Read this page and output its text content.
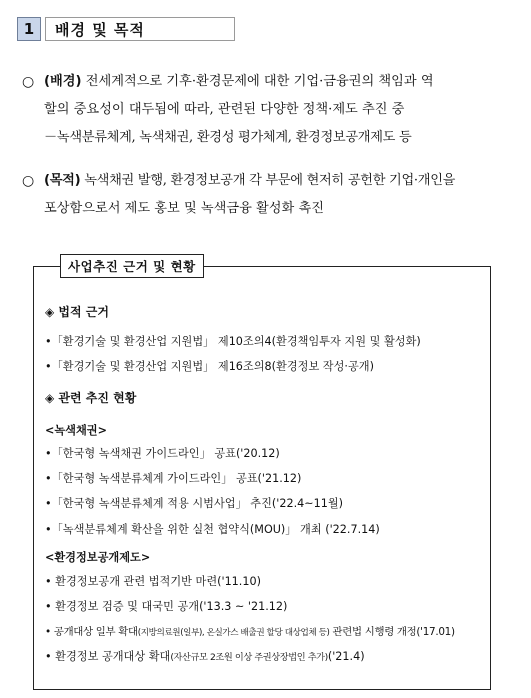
1	배경 및 목적
○ (배경) 전세계적으로 기후·환경문제에 대한 기업·금융권의 책임과 역
할의 중요성이 대두됨에 따라, 관련된 다양한 정책·제도 추진 중
－녹색분류체계, 녹색채권, 환경성 평가체계, 환경정보공개제도 등
○ (목적) 녹색채권 발행, 환경정보공개 각 부문에 현저히 공헌한 기업·개인을
포상함으로서 제도 홍보 및 녹색금융 활성화 촉진
사업추진 근거 및 현황
◈ 법적 근거
•「환경기술 및 환경산업 지원법」 제10조의4(환경책임투자 지원 및 활성화)
•「환경기술 및 환경산업 지원법」 제16조의8(환경정보 작성·공개)
◈ 관련 추진 현황
<녹색채권>
•「한국형 녹색채권 가이드라인」 공표('20.12)
•「한국형 녹색분류체계 가이드라인」 공표('21.12)
•「한국형 녹색분류체계 적용 시범사업」 추진('22.4~11월)
•「녹색분류체계 확산을 위한 실천 협약식(MOU)」 개최 ('22.7.14)
<환경정보공개제도>
• 환경정보공개 관련 법적기반 마련('11.10)
• 환경정보 검증 및 대국민 공개('13.3 ~ '21.12)
• 공개대상 일부 확대(지방의료원(일부), 온실가스 배출권 할당 대상업체 등) 관련법 시행령 개정('17.01)
• 환경정보 공개대상 확대(자산규모 2조원 이상 주권상장법인 추가)('21.4)
